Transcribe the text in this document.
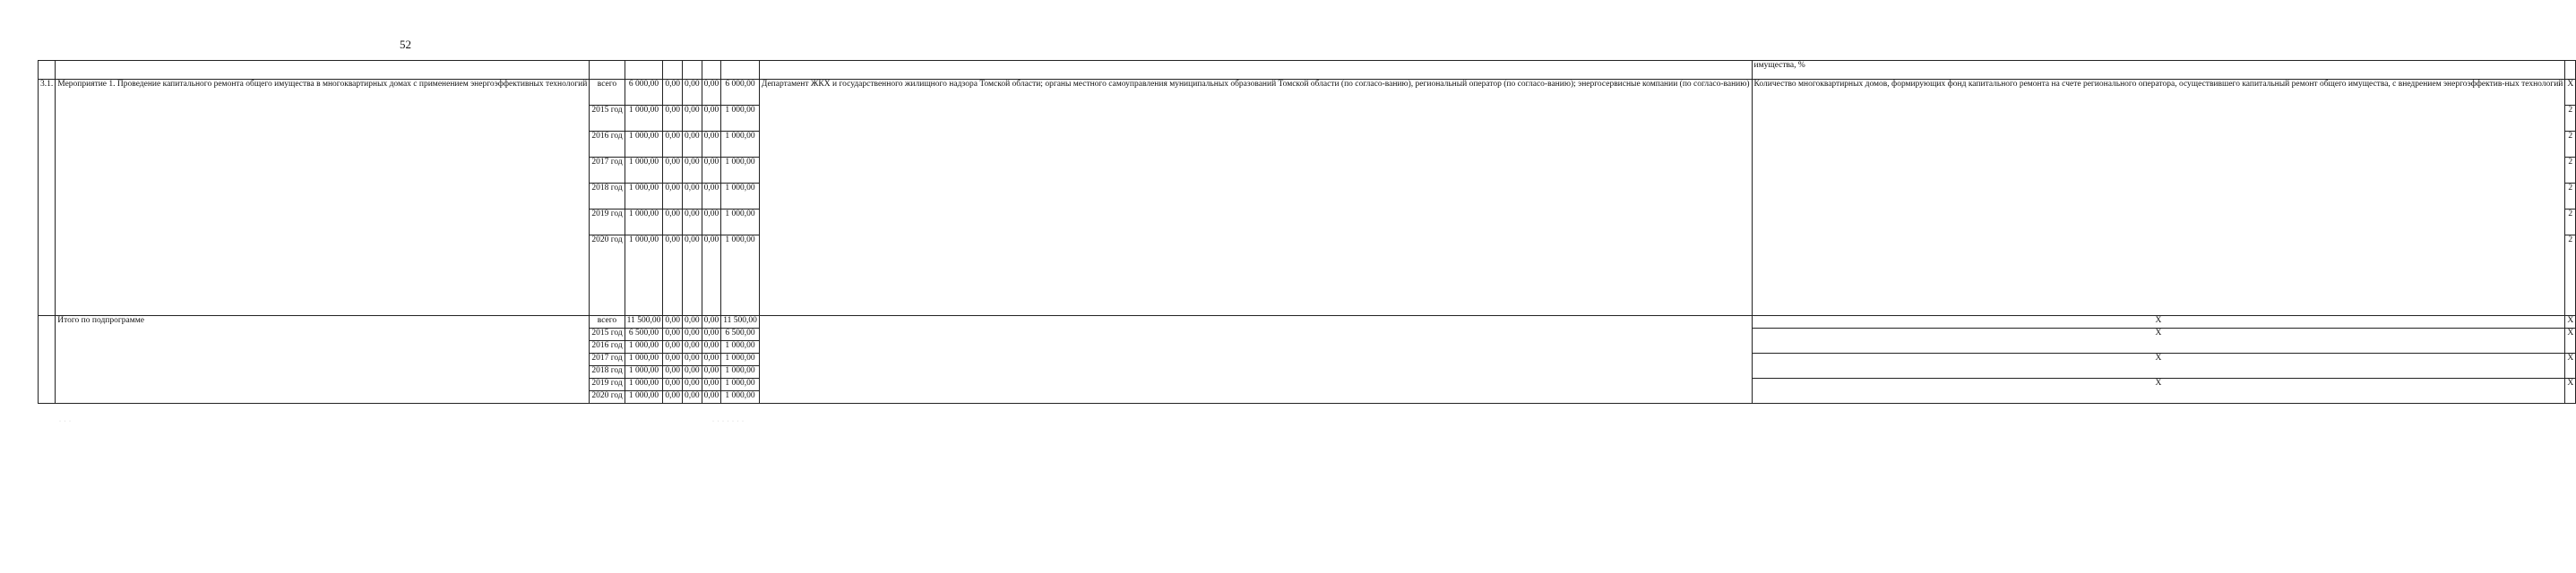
52
									имущества, %	
3.1.	Мероприятие 1. Проведение капитального ремонта общего имущества в многоквартирных домах с применением энергоэффективных технологий	всего	6 000,00	0,00	0,00	0,00	6 000,00	Департамент ЖКХ и государственного жилищного надзора Томской области; органы местного самоуправления муниципальных образований Томской области (по согласо-ванию), региональный оператор (по согласо-ванию); энергосервисные компании (по согласо-ванию)	Количество многоквартирных домов, формирующих фонд капитального ремонта на счете регионального оператора, осуществившего капитальный ремонт общего имущества, с внедрением энергоэффектив-ных технологий	X
		2015 год	1 000,00	0,00	0,00	0,00	1 000,00			2
		2016 год	1 000,00	0,00	0,00	0,00	1 000,00			2
		2017 год	1 000,00	0,00	0,00	0,00	1 000,00			2
		2018 год	1 000,00	0,00	0,00	0,00	1 000,00			2
		2019 год	1 000,00	0,00	0,00	0,00	1 000,00			2
		2020 год	1 000,00	0,00	0,00	0,00	1 000,00			2
	Итого по подпрограмме	всего	11 500,00	0,00	0,00	0,00	11 500,00		X	X
		2015 год	6 500,00	0,00	0,00	0,00	6 500,00		X	X
		2016 год	1 000,00	0,00	0,00	0,00	1 000,00			
		2017 год	1 000,00	0,00	0,00	0,00	1 000,00		X	X
		2018 год	1 000,00	0,00	0,00	0,00	1 000,00			
		2019 год	1 000,00	0,00	0,00	0,00	1 000,00		X	X
		2020 год	1 000,00	0,00	0,00	0,00	1 000,00			
· · ·	· · · · · · ·
